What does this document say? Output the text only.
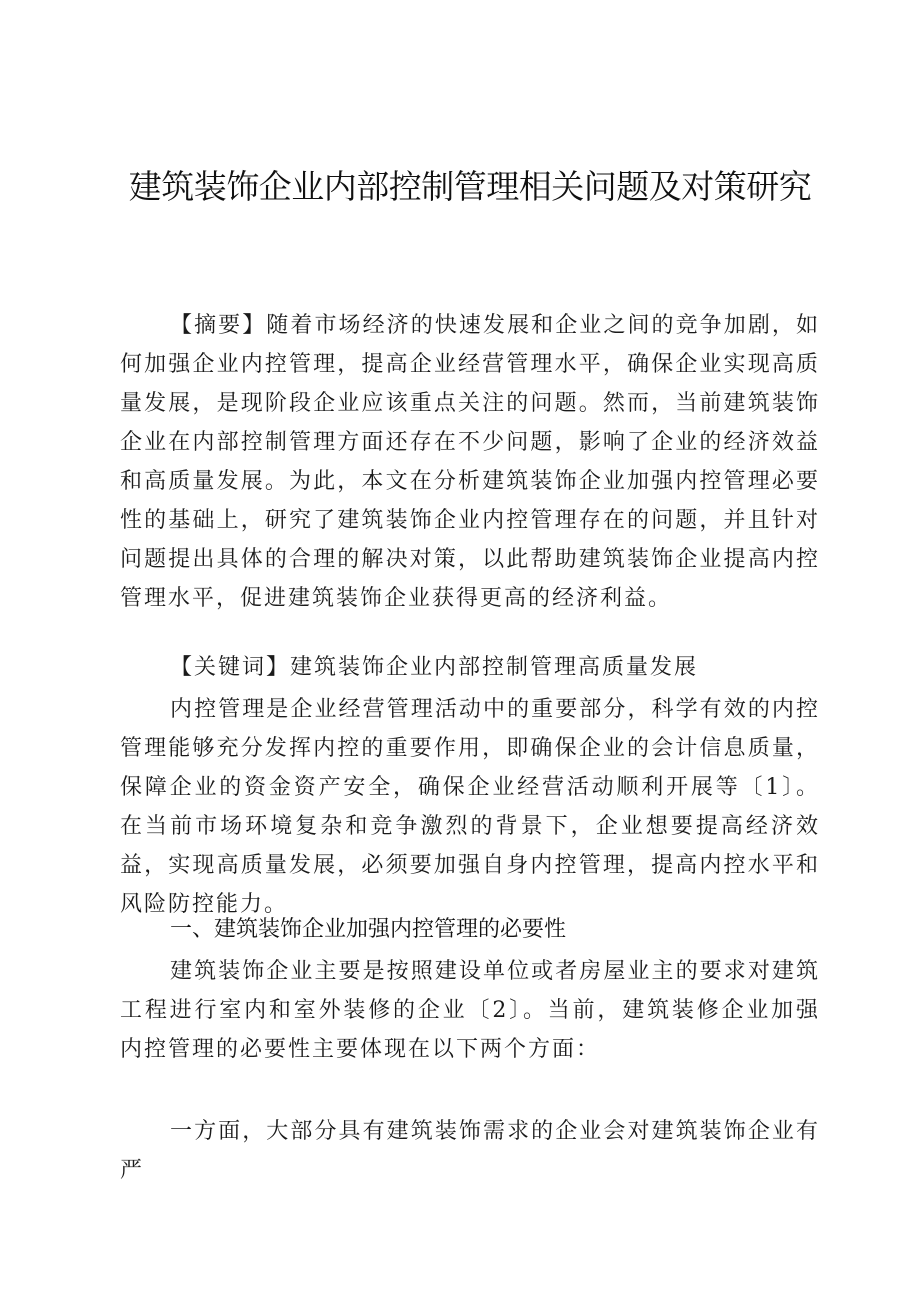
建筑装饰企业内部控制管理相关问题及对策研究

【摘要】随着市场经济的快速发展和企业之间的竞争加剧，如何加强企业内控管理，提高企业经营管理水平，确保企业实现高质量发展，是现阶段企业应该重点关注的问题。然而，当前建筑装饰企业在内部控制管理方面还存在不少问题，影响了企业的经济效益和高质量发展。为此，本文在分析建筑装饰企业加强内控管理必要性的基础上，研究了建筑装饰企业内控管理存在的问题，并且针对问题提出具体的合理的解决对策，以此帮助建筑装饰企业提高内控管理水平，促进建筑装饰企业获得更高的经济利益。

【关键词】建筑装饰企业内部控制管理高质量发展

内控管理是企业经营管理活动中的重要部分，科学有效的内控管理能够充分发挥内控的重要作用，即确保企业的会计信息质量，保障企业的资金资产安全，确保企业经营活动顺利开展等〔1〕。在当前市场环境复杂和竞争激烈的背景下，企业想要提高经济效益，实现高质量发展，必须要加强自身内控管理，提高内控水平和风险防控能力。

一、建筑装饰企业加强内控管理的必要性

建筑装饰企业主要是按照建设单位或者房屋业主的要求对建筑工程进行室内和室外装修的企业〔2〕。当前，建筑装修企业加强内控管理的必要性主要体现在以下两个方面：

一方面，大部分具有建筑装饰需求的企业会对建筑装饰企业有严
